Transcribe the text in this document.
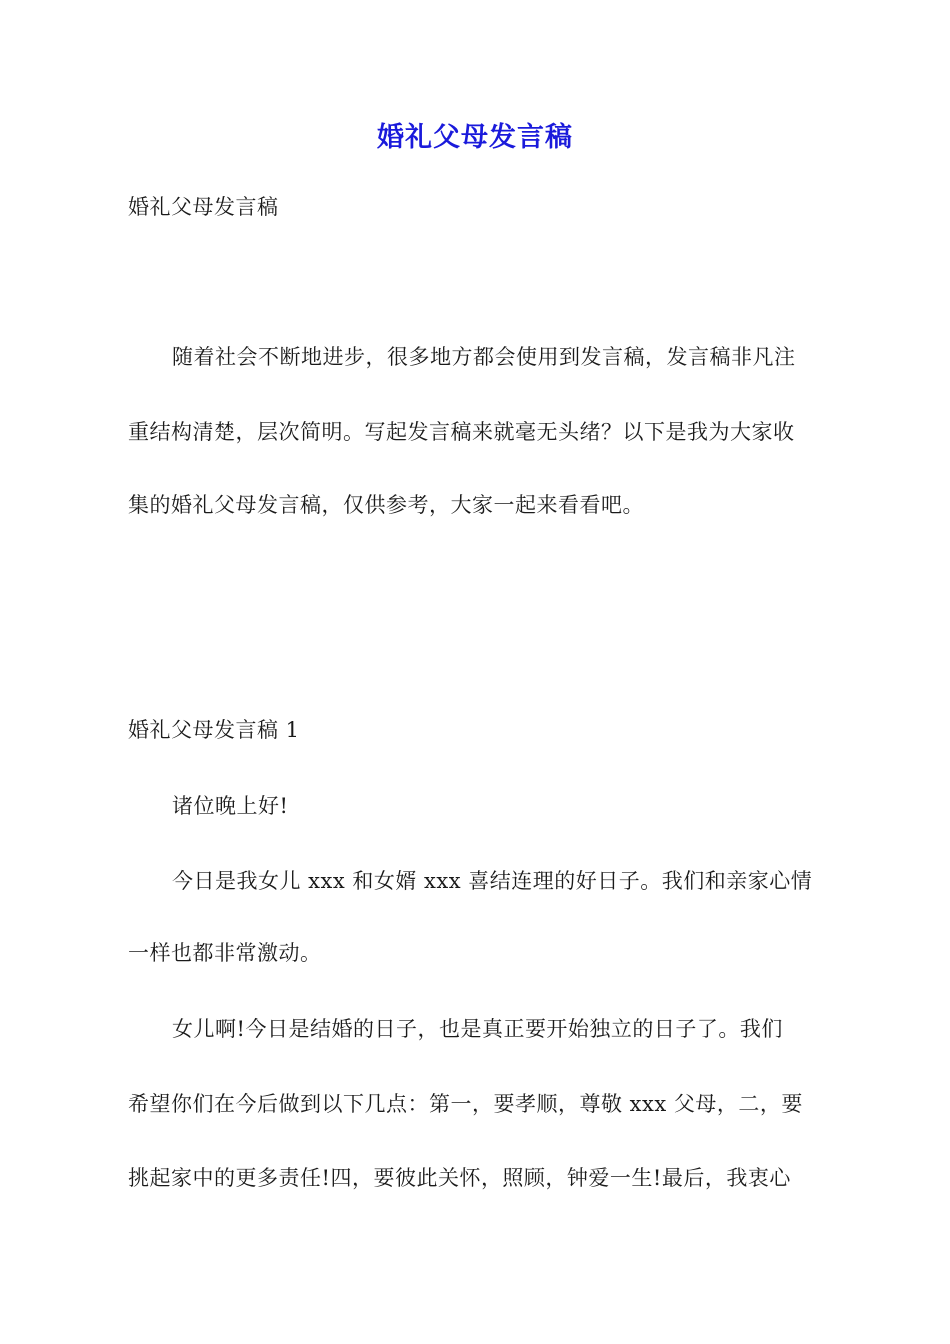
婚礼父母发言稿
婚礼父母发言稿
随着社会不断地进步，很多地方都会使用到发言稿，发言稿非凡注
重结构清楚，层次简明。写起发言稿来就毫无头绪？以下是我为大家收
集的婚礼父母发言稿，仅供参考，大家一起来看看吧。
婚礼父母发言稿 1
诸位晚上好!
今日是我女儿 xxx 和女婿 xxx 喜结连理的好日子。我们和亲家心情
一样也都非常激动。
女儿啊!今日是结婚的日子，也是真正要开始独立的日子了。我们
希望你们在今后做到以下几点：第一，要孝顺，尊敬 xxx 父母，二，要
挑起家中的更多责任!四，要彼此关怀，照顾，钟爱一生!最后，我衷心
